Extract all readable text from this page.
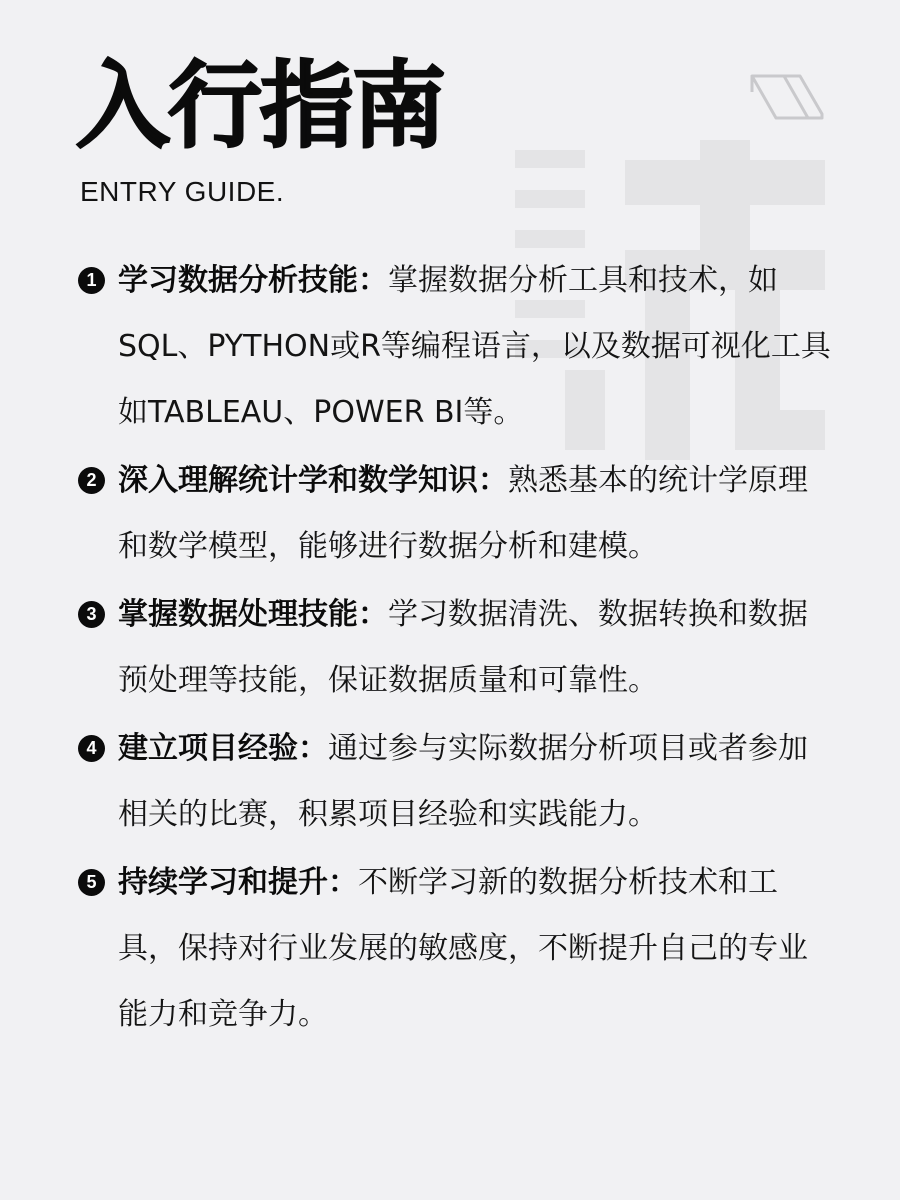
入行指南
ENTRY GUIDE.
1 学习数据分析技能：掌握数据分析工具和技术，如SQL、PYTHON或R等编程语言，以及数据可视化工具如TABLEAU、POWER BI等。
2 深入理解统计学和数学知识：熟悉基本的统计学原理和数学模型，能够进行数据分析和建模。
3 掌握数据处理技能：学习数据清洗、数据转换和数据预处理等技能，保证数据质量和可靠性。
4 建立项目经验：通过参与实际数据分析项目或者参加相关的比赛，积累项目经验和实践能力。
5 持续学习和提升：不断学习新的数据分析技术和工具，保持对行业发展的敏感度，不断提升自己的专业能力和竞争力。
